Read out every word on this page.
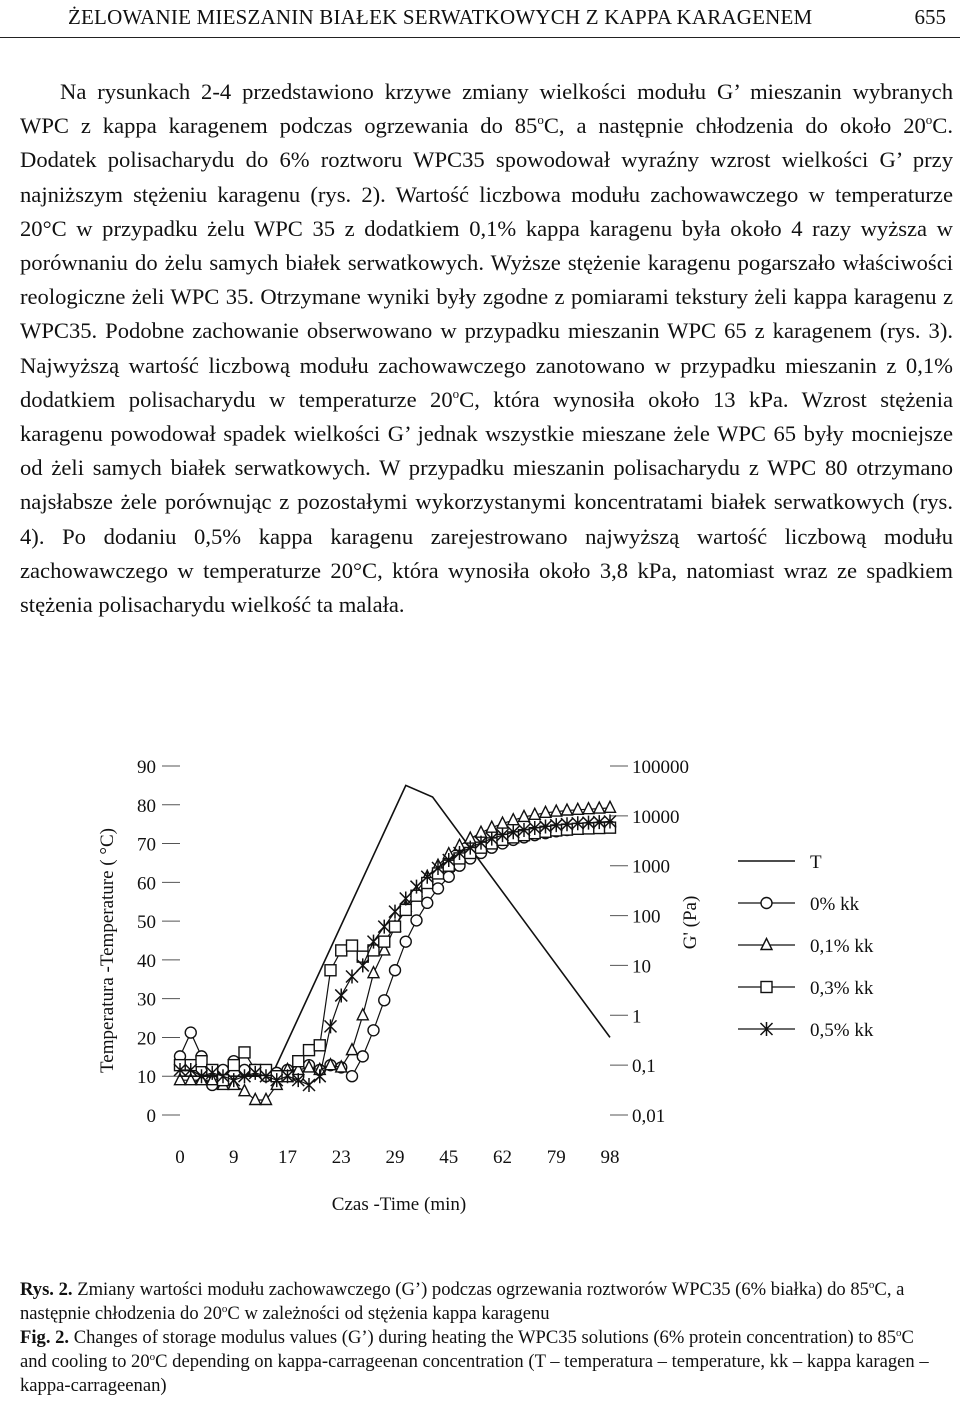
ŻELOWANIE MIESZANIN BIAŁEK SERWATKOWYCH Z KAPPA KARAGENEM	655

Na rysunkach 2-4 przedstawiono krzywe zmiany wielkości modułu G’ mieszanin wybranych WPC z kappa karagenem podczas ogrzewania do 85$^o$C, a następnie chłodzenia do około 20$^o$C. Dodatek polisacharydu do 6% roztworu WPC35 spowodował wyraźny wzrost wielkości G’ przy najniższym stężeniu karagenu (rys. 2). Wartość liczbowa modułu zachowawczego w temperaturze 20°C w przypadku żelu WPC 35 z dodatkiem 0,1% kappa karagenu była około 4 razy wyższa w porównaniu do żelu samych białek serwatkowych. Wyższe stężenie karagenu pogarszało właściwości reologiczne żeli WPC 35. Otrzymane wyniki były zgodne z pomiarami tekstury żeli kappa karagenu z WPC35. Podobne zachowanie obserwowano w przypadku mieszanin WPC 65 z karagenem (rys. 3). Najwyższą wartość liczbową modułu zachowawczego zanotowano w przypadku mieszanin z 0,1% dodatkiem polisacharydu w temperaturze 20$^o$C, która wynosiła około 13 kPa. Wzrost stężenia karagenu powodował spadek wielkości G’ jednak wszystkie mieszane żele WPC 65 były mocniejsze od żeli samych białek serwatkowych. W przypadku mieszanin polisacharydu z WPC 80 otrzymano najsłabsze żele porównując z pozostałymi wykorzystanymi koncentratami białek serwatkowych (rys. 4). Po dodaniu 0,5% kappa karagenu zarejestrowano najwyższą wartość liczbową modułu zachowawczego w temperaturze 20°C, która wynosiła około 3,8 kPa, natomiast wraz ze spadkiem stężenia polisacharydu wielkość ta malała.

0
10
20
30
40
50
60
70
80
90
0,01
0,1
1
10
100
1000
10000
100000
0 9 17 23 29 45 62 79 98
Czas -Time (min)
Temperatura -Temperature ( °C)	G' (Pa)
T
0% kk
0,1% kk
0,3% kk
0,5% kk

Rys. 2. Zmiany wartości modułu zachowawczego (G’) podczas ogrzewania roztworów WPC35 (6% białka) do 85$^o$C, a następnie chłodzenia do 20$^o$C w zależności od stężenia kappa karagenu

Fig. 2. Changes of storage modulus values (G’) during heating the WPC35 solutions (6% protein concentration) to 85$^o$C and cooling to 20$^o$C depending on kappa-carrageenan concentration (T – temperatura – temperature, kk – kappa karagen – kappa-carrageenan)
